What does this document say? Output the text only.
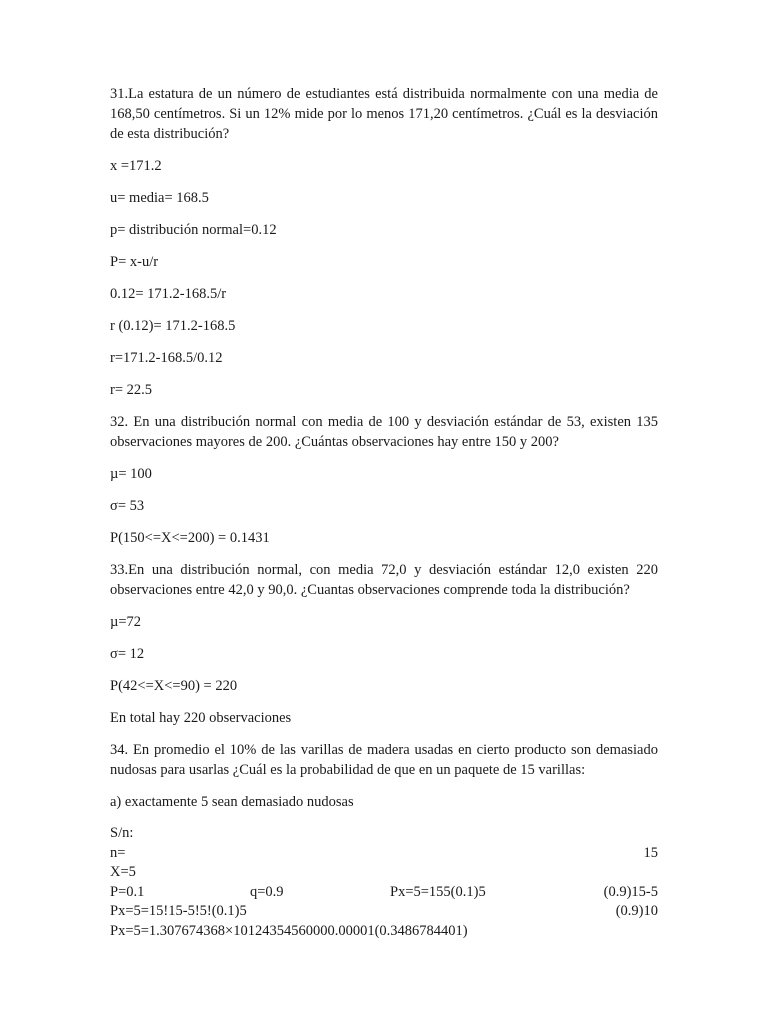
31.La estatura de un número de estudiantes está distribuida normalmente con una media de 168,50 centímetros. Si un 12% mide por lo menos 171,20 centímetros. ¿Cuál es la desviación de esta distribución?

x =171.2

u= media= 168.5

p= distribución normal=0.12

P= x-u/r

0.12= 171.2-168.5/r

r (0.12)= 171.2-168.5

r=171.2-168.5/0.12

r= 22.5

32. En una distribución normal con media de 100 y desviación estándar de 53, existen 135 observaciones mayores de 200. ¿Cuántas observaciones hay entre 150 y 200?

µ= 100

σ= 53

P(150<=X<=200) = 0.1431

33.En una distribución normal, con media 72,0 y desviación estándar 12,0 existen 220 observaciones entre 42,0 y 90,0. ¿Cuantas observaciones comprende toda la distribución?

µ=72

σ= 12

P(42<=X<=90) = 220

En total hay 220 observaciones

34. En promedio el 10% de las varillas de madera usadas en cierto producto son demasiado nudosas para usarlas ¿Cuál es la probabilidad de que en un paquete de 15 varillas:

a) exactamente 5 sean demasiado nudosas

S/n:
n=	15
X=5
P=0.1	q=0.9	Px=5=155(0.1)5	(0.9)15-5
Px=5=15!15-5!5!(0.1)5	(0.9)10
Px=5=1.307674368×10124354560000.00001(0.3486784401)
